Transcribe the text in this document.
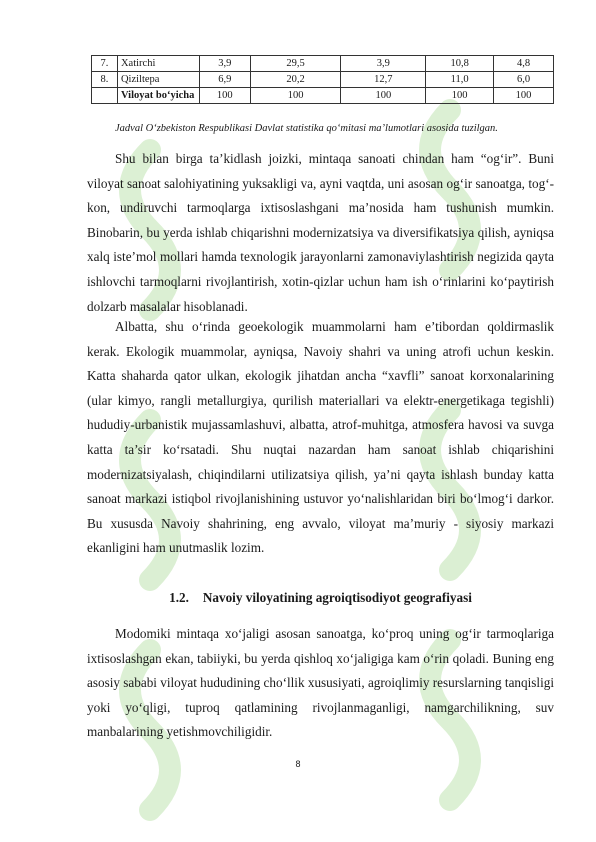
7.	Xatirchi	3,9	29,5	3,9	10,8	4,8
8.	Qiziltepa	6,9	20,2	12,7	11,0	6,0
	Viloyat bo‘yicha	100	100	100	100	100
Jadval O‘zbekiston Respublikasi Davlat statistika qo‘mitasi ma’lumotlari asosida tuzilgan.

Shu bilan birga ta’kidlash joizki, mintaqa sanoati chindan ham “og‘ir”. Buni viloyat sanoat salohiyatining yuksakligi va, ayni vaqtda, uni asosan og‘ir sanoatga, tog‘-kon, undiruvchi tarmoqlarga ixtisoslashgani ma’nosida ham tushunish mumkin. Binobarin, bu yerda ishlab chiqarishni modernizatsiya va diversifikatsiya qilish, ayniqsa xalq iste’mol mollari hamda texnologik jarayonlarni zamonaviylashtirish negizida qayta ishlovchi tarmoqlarni rivojlantirish, xotin-qizlar uchun ham ish o‘rinlarini ko‘paytirish dolzarb masalalar hisoblanadi.

Albatta, shu o‘rinda geoekologik muammolarni ham e’tibordan qoldirmaslik kerak. Ekologik muammolar, ayniqsa, Navoiy shahri va uning atrofi uchun keskin. Katta shaharda qator ulkan, ekologik jihatdan ancha “xavfli” sanoat korxonalarining (ular kimyo, rangli metallurgiya, qurilish materiallari va elektr-energetikaga tegishli) hududiy-urbanistik mujassamlashuvi, albatta, atrof-muhitga, atmosfera havosi va suvga katta ta’sir ko‘rsatadi. Shu nuqtai nazardan ham sanoat ishlab chiqarishini modernizatsiyalash, chiqindilarni utilizatsiya qilish, ya’ni qayta ishlash bunday katta sanoat markazi istiqbol rivojlanishining ustuvor yo‘nalishlaridan biri bo‘lmog‘i darkor. Bu xususda Navoiy shahrining, eng avvalo, viloyat ma’muriy - siyosiy markazi ekanligini ham unutmaslik lozim.

1.2. Navoiy viloyatining agroiqtisodiyot geografiyasi

Modomiki mintaqa xo‘jaligi asosan sanoatga, ko‘proq uning og‘ir tarmoqlariga ixtisoslashgan ekan, tabiiyki, bu yerda qishloq xo‘jaligiga kam o‘rin qoladi. Buning eng asosiy sababi viloyat hududining cho‘llik xususiyati, agroiqlimiy resurslarning tanqisligi yoki yo‘qligi, tuproq qatlamining rivojlanmaganligi, namgarchilikning, suv manbalarining yetishmovchiligidir.

8
